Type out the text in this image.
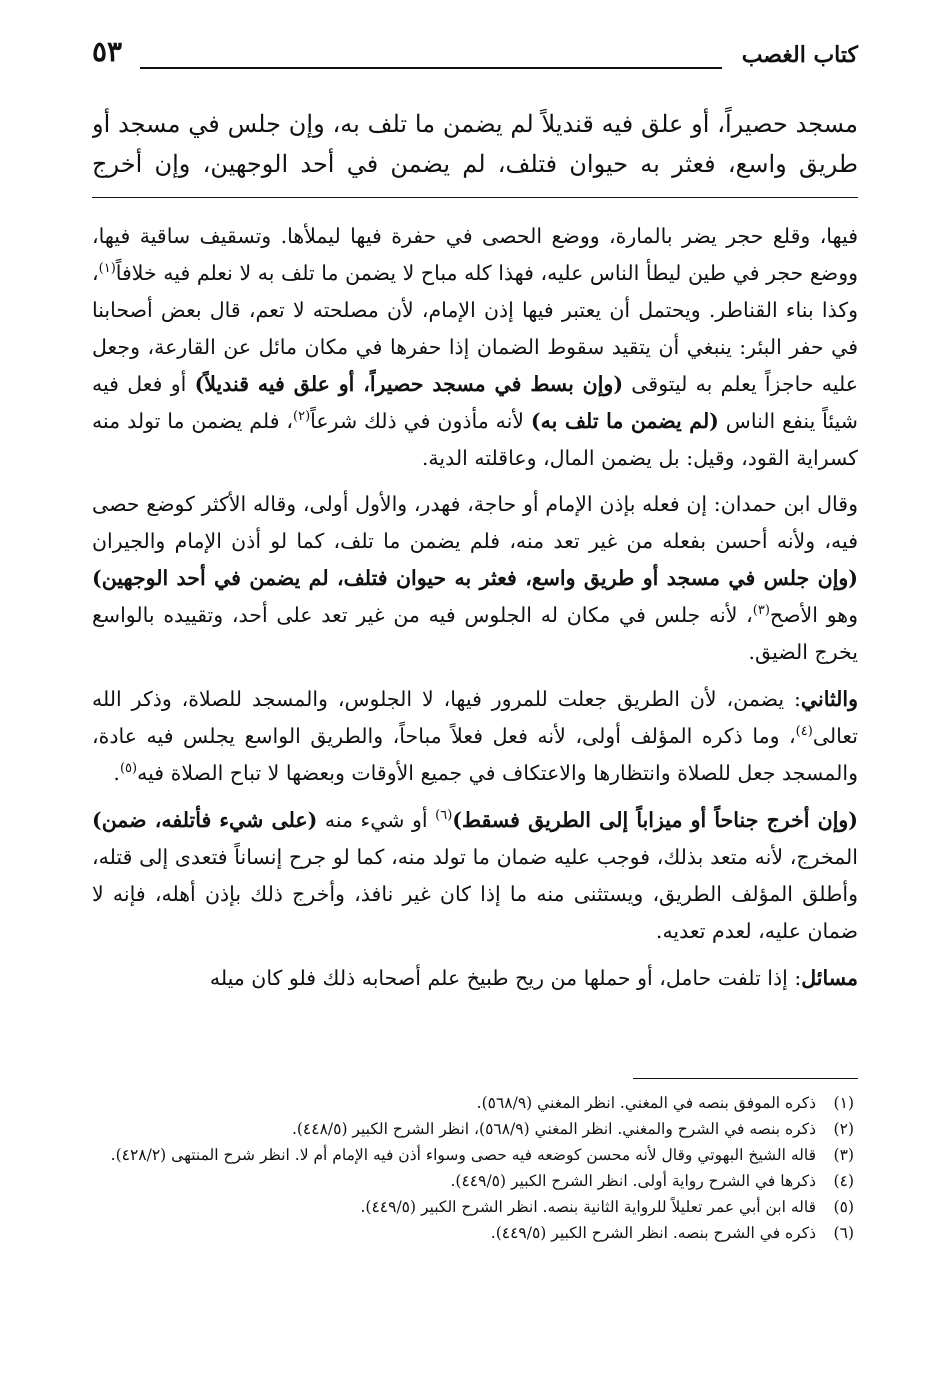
كتاب الغصب
٥٣
مسجد حصيراً، أو علق فيه قنديلاً لم يضمن ما تلف به، وإن جلس في مسجد أو
طريق واسع، فعثر به حيوان فتلف، لم يضمن في أحد الوجهين، وإن أخرج

فيها، وقلع حجر يضر بالمارة، ووضع الحصى في حفرة فيها ليملأها. وتسقيف ساقية فيها، ووضع حجر في طين ليطأ الناس عليه، فهذا كله مباح لا يضمن ما تلف به لا نعلم فيه خلافاً$^{(١)}$، وكذا بناء القناطر. ويحتمل أن يعتبر فيها إذن الإمام، لأن مصلحته لا تعم، قال بعض أصحابنا في حفر البئر: ينبغي أن يتقيد سقوط الضمان إذا حفرها في مكان مائل عن القارعة، وجعل عليه حاجزاً يعلم به ليتوقى (وإن بسط في مسجد حصيراً، أو علق فيه قنديلاً) أو فعل فيه شيئاً ينفع الناس (لم يضمن ما تلف به) لأنه مأذون في ذلك شرعاً$^{(٢)}$، فلم يضمن ما تولد منه كسراية القود، وقيل: بل يضمن المال، وعاقلته الدية.

وقال ابن حمدان: إن فعله بإذن الإمام أو حاجة، فهدر، والأول أولى، وقاله الأكثر كوضع حصى فيه، ولأنه أحسن بفعله من غير تعد منه، فلم يضمن ما تلف، كما لو أذن الإمام والجيران (وإن جلس في مسجد أو طريق واسع، فعثر به حيوان فتلف، لم يضمن في أحد الوجهين) وهو الأصح$^{(٣)}$، لأنه جلس في مكان له الجلوس فيه من غير تعد على أحد، وتقييده بالواسع يخرج الضيق.

والثاني: يضمن، لأن الطريق جعلت للمرور فيها، لا الجلوس، والمسجد للصلاة، وذكر الله تعالى$^{(٤)}$، وما ذكره المؤلف أولى، لأنه فعل فعلاً مباحاً، والطريق الواسع يجلس فيه عادة، والمسجد جعل للصلاة وانتظارها والاعتكاف في جميع الأوقات وبعضها لا تباح الصلاة فيه$^{(٥)}$.

(وإن أخرج جناحاً أو ميزاباً إلى الطريق فسقط)$^{(٦)}$ أو شيء منه (على شيء فأتلفه، ضمن) المخرج، لأنه متعد بذلك، فوجب عليه ضمان ما تولد منه، كما لو جرح إنساناً فتعدى إلى قتله، وأطلق المؤلف الطريق، ويستثنى منه ما إذا كان غير نافذ، وأخرج ذلك بإذن أهله، فإنه لا ضمان عليه، لعدم تعديه.

مسائل: إذا تلفت حامل، أو حملها من ريح طبيخ علم أصحابه ذلك فلو كان ميله

(١)
ذكره الموفق بنصه في المغني. انظر المغني (٥٦٨/٩).
(٢)
ذكره بنصه في الشرح والمغني. انظر المغني (٥٦٨/٩)، انظر الشرح الكبير (٤٤٨/٥).
(٣)
قاله الشيخ البهوتي وقال لأنه محسن كوضعه فيه حصى وسواء أذن فيه الإمام أم لا. انظر شرح المنتهى (٤٢٨/٢).
(٤)
ذكرها في الشرح رواية أولى. انظر الشرح الكبير (٤٤٩/٥).
(٥)
قاله ابن أبي عمر تعليلاً للرواية الثانية بنصه. انظر الشرح الكبير (٤٤٩/٥).
(٦)
ذكره في الشرح بنصه. انظر الشرح الكبير (٤٤٩/٥).
